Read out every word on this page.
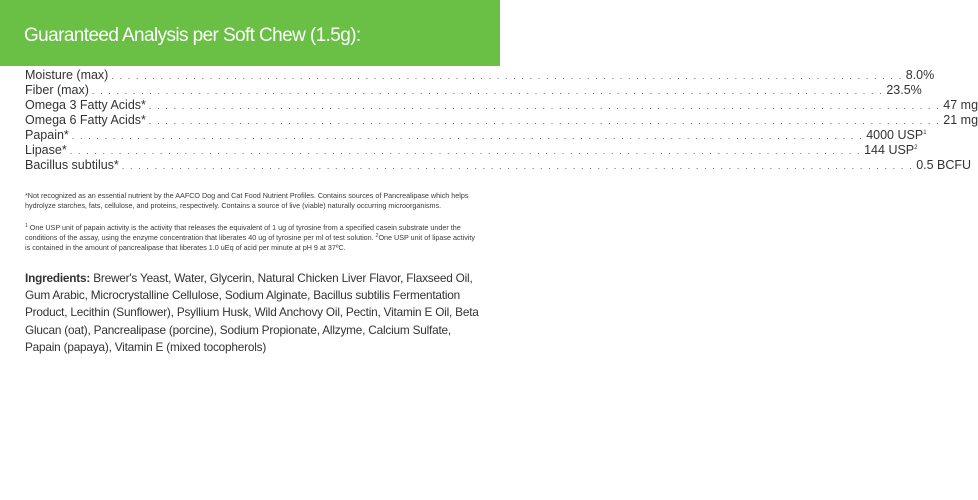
Guaranteed Analysis per Soft Chew (1.5g):
Moisture (max) . . . . . . . . . . . . . . . . . . . . . . . . . . . . . . . . . . . . . . . . . . . . . . . . . . . . . . . . . . . . . . . . . . . . . . . . . . . . . . . . . . . . . . . . . . . . . . . . . 8.0%
Fiber (max) . . . . . . . . . . . . . . . . . . . . . . . . . . . . . . . . . . . . . . . . . . . . . . . . . . . . . . . . . . . . . . . . . . . . . . . . . . . . . . . . . . . . . . . . . . . . . . . . . 23.5%
Omega 3 Fatty Acids* . . . . . . . . . . . . . . . . . . . . . . . . . . . . . . . . . . . . . . . . . . . . . . . . . . . . . . . . . . . . . . . . . . . . . . . . . . . . . . . . . . . . . . . . . . . . . . . . . 47 mg
Omega 6 Fatty Acids* . . . . . . . . . . . . . . . . . . . . . . . . . . . . . . . . . . . . . . . . . . . . . . . . . . . . . . . . . . . . . . . . . . . . . . . . . . . . . . . . . . . . . . . . . . . . . . . . . 21 mg
Papain* . . . . . . . . . . . . . . . . . . . . . . . . . . . . . . . . . . . . . . . . . . . . . . . . . . . . . . . . . . . . . . . . . . . . . . . . . . . . . . . . . . . . . . . . . . . . . . . . . 4000 USP$^1$
Lipase* . . . . . . . . . . . . . . . . . . . . . . . . . . . . . . . . . . . . . . . . . . . . . . . . . . . . . . . . . . . . . . . . . . . . . . . . . . . . . . . . . . . . . . . . . . . . . . . . . 144 USP$^2$
Bacillus subtilus* . . . . . . . . . . . . . . . . . . . . . . . . . . . . . . . . . . . . . . . . . . . . . . . . . . . . . . . . . . . . . . . . . . . . . . . . . . . . . . . . . . . . . . . . . . . . . . . . . 0.5 BCFU
*Not recognized as an essential nutrient by the AAFCO Dog and Cat Food Nutrient Profiles. Contains sources of Pancrealipase which helps hydrolyze starches, fats, cellulose, and proteins, respectively. Contains a source of live (viable) naturally occurring microorganisms.
$^1$ One USP unit of papain activity is the activity that releases the equivalent of 1 ug of tyrosine from a specified casein substrate under the conditions of the assay, using the enzyme concentration that liberates 40 ug of tyrosine per ml of test solution. $^2$One USP unit of lipase activity is contained in the amount of pancrealipase that liberates 1.0 uEq of acid per minute at pH 9 at 37ºC.
Ingredients: Brewer's Yeast, Water, Glycerin, Natural Chicken Liver Flavor, Flaxseed Oil, Gum Arabic, Microcrystalline Cellulose, Sodium Alginate, Bacillus subtilis Fermentation Product, Lecithin (Sunflower), Psyllium Husk, Wild Anchovy Oil, Pectin, Vitamin E Oil, Beta Glucan (oat), Pancrealipase (porcine), Sodium Propionate, Allzyme, Calcium Sulfate, Papain (papaya), Vitamin E (mixed tocopherols)
